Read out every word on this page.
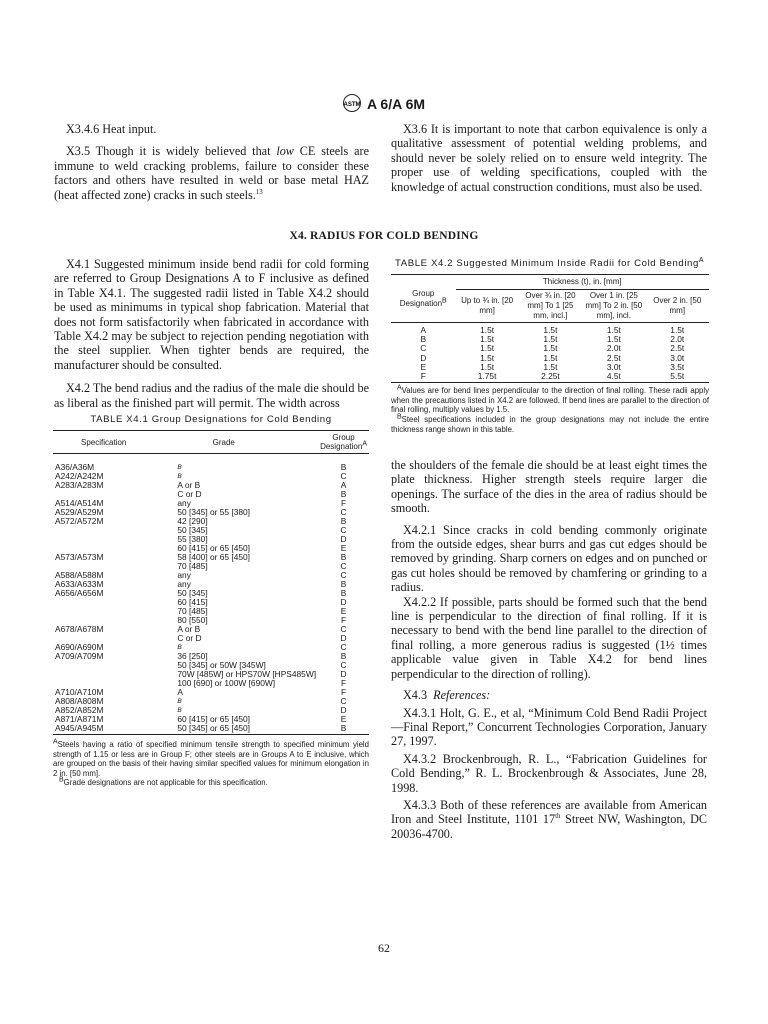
ASTM A 6/A 6M

X3.4.6 Heat input.

X3.5 Though it is widely believed that low CE steels are immune to weld cracking problems, failure to consider these factors and others have resulted in weld or base metal HAZ (heat affected zone) cracks in such steels.$^{13}$

X3.6 It is important to note that carbon equivalence is only a qualitative assessment of potential welding problems, and should never be solely relied on to ensure weld integrity. The proper use of welding specifications, coupled with the knowledge of actual construction conditions, must also be used.

X4. RADIUS FOR COLD BENDING

X4.1 Suggested minimum inside bend radii for cold forming are referred to Group Designations A to F inclusive as defined in Table X4.1. The suggested radii listed in Table X4.2 should be used as minimums in typical shop fabrication. Material that does not form satisfactorily when fabricated in accordance with Table X4.2 may be subject to rejection pending negotiation with the steel supplier. When tighter bends are required, the manufacturer should be consulted.

X4.2 The bend radius and the radius of the male die should be as liberal as the finished part will permit. The width across

TABLE X4.1 Group Designations for Cold Bending
Specification	Grade	Group Designation$^A$

A36/A36M	B	B
A242/A242M	B	C
A283/A283M	A or B	A
	C or D	B
A514/A514M	any	F
A529/A529M	50 [345] or 55 [380]	C
A572/A572M	42 [290]	B
	50 [345]	C
	55 [380]	D
	60 [415] or 65 [450]	E
A573/A573M	58 [400] or 65 [450]	B
	70 [485]	C
A588/A588M	any	C
A633/A633M	any	B
A656/A656M	50 [345]	B
	60 [415]	D
	70 [485]	E
	80 [550]	F
A678/A678M	A or B	C
	C or D	D
A690/A690M	B	C
A709/A709M	36 [250]	B
	50 [345] or 50W [345W]	C
	70W [485W] or HPS70W [HPS485W]	D
	100 [690] or 100W [690W]	F
A710/A710M	A	F
A808/A808M	B	C
A852/A852M	B	D
A871/A871M	60 [415] or 65 [450]	E
A945/A945M	50 [345] or 65 [450]	B

$^A$Steels having a ratio of specified minimum tensile strength to specified minimum yield strength of 1.15 or less are in Group F; other steels are in Groups A to E inclusive, which are grouped on the basis of their having similar specified values for minimum elongation in 2 in. [50 mm].

$^B$Grade designations are not applicable for this specification.

TABLE X4.2 Suggested Minimum Inside Radii for Cold Bending$^A$
Group Designation$^B$	Thickness (t), in. [mm]			
	Up to ¾ in. [20 mm]	Over ¾ in. [20 mm] To 1 [25 mm, incl.]	Over 1 in. [25 mm] To 2 in. [50 mm], incl.	Over 2 in. [50 mm]

A	1.5t	1.5t	1.5t	1.5t
B	1.5t	1.5t	1.5t	2.0t
C	1.5t	1.5t	2.0t	2.5t
D	1.5t	1.5t	2.5t	3.0t
E	1.5t	1.5t	3.0t	3.5t
F	1.75t	2.25t	4.5t	5.5t

$^A$Values are for bend lines perpendicular to the direction of final rolling. These radii apply when the precautions listed in X4.2 are followed. If bend lines are parallel to the direction of final rolling, multiply values by 1.5.

$^B$Steel specifications included in the group designations may not include the entire thickness range shown in this table.

the shoulders of the female die should be at least eight times the plate thickness. Higher strength steels require larger die openings. The surface of the dies in the area of radius should be smooth.

X4.2.1 Since cracks in cold bending commonly originate from the outside edges, shear burrs and gas cut edges should be removed by grinding. Sharp corners on edges and on punched or gas cut holes should be removed by chamfering or grinding to a radius.

X4.2.2 If possible, parts should be formed such that the bend line is perpendicular to the direction of final rolling. If it is necessary to bend with the bend line parallel to the direction of final rolling, a more generous radius is suggested (1½ times applicable value given in Table X4.2 for bend lines perpendicular to the direction of rolling).

X4.3 References:

X4.3.1 Holt, G. E., et al, “Minimum Cold Bend Radii Project—Final Report,” Concurrent Technologies Corporation, January 27, 1997.

X4.3.2 Brockenbrough, R. L., “Fabrication Guidelines for Cold Bending,” R. L. Brockenbrough & Associates, June 28, 1998.

X4.3.3 Both of these references are available from American Iron and Steel Institute, 1101 17th Street NW, Washington, DC 20036-4700.

62
